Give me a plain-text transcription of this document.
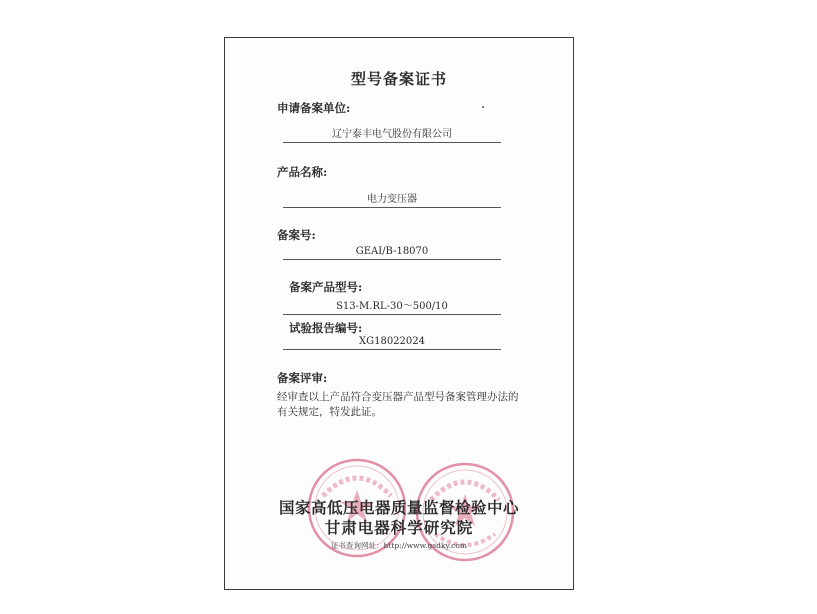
型号备案证书
申请备案单位:
辽宁泰丰电气股份有限公司
产品名称:
电力变压器
备案号:
GEAI/B-18070
备案产品型号:
S13-M.RL-30～500/10
试验报告编号:
XG18022024
备案评审:
经审查以上产品符合变压器产品型号备案管理办法的有关规定，特发此证。
国家高低压电器质量监督检验中心
甘肃电器科学研究院
证书查询网址：http://www.gsdky.com
